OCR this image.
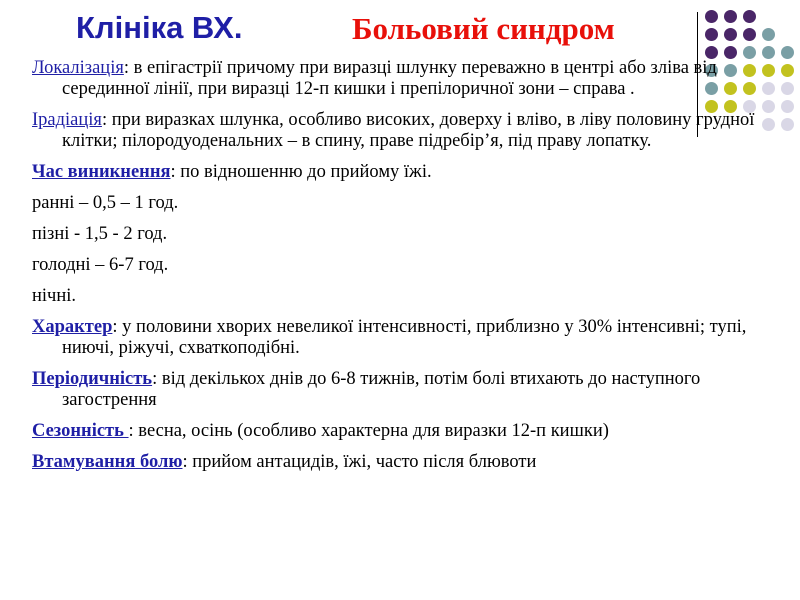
Клініка ВХ.	Больовий синдром

Локалізація: в епігастрії причому при виразці шлунку переважно в центрі або зліва від серединної лінії, при виразці 12-п кишки і препілоричної зони – справа .

Ірадіація: при виразках шлунка, особливо високих, доверху і вліво, в ліву половину грудної клітки; пілородуоденальних – в спину, праве підребір’я, під праву лопатку.

Час виникнення: по відношенню до прийому їжі.

ранні – 0,5 – 1 год.

пізні - 1,5 - 2 год.

голодні – 6-7 год.

нічні.

Характер: у половини хворих невеликої інтенсивності, приблизно у 30% інтенсивні; тупі, ниючі, ріжучі, схваткоподібні.

Періодичність: від декількох днів до 6-8 тижнів, потім болі втихають до наступного загострення

Сезонність : весна, осінь (особливо характерна для виразки 12-п кишки)

Втамування болю: прийом антацидів, їжі, часто після блювоти
